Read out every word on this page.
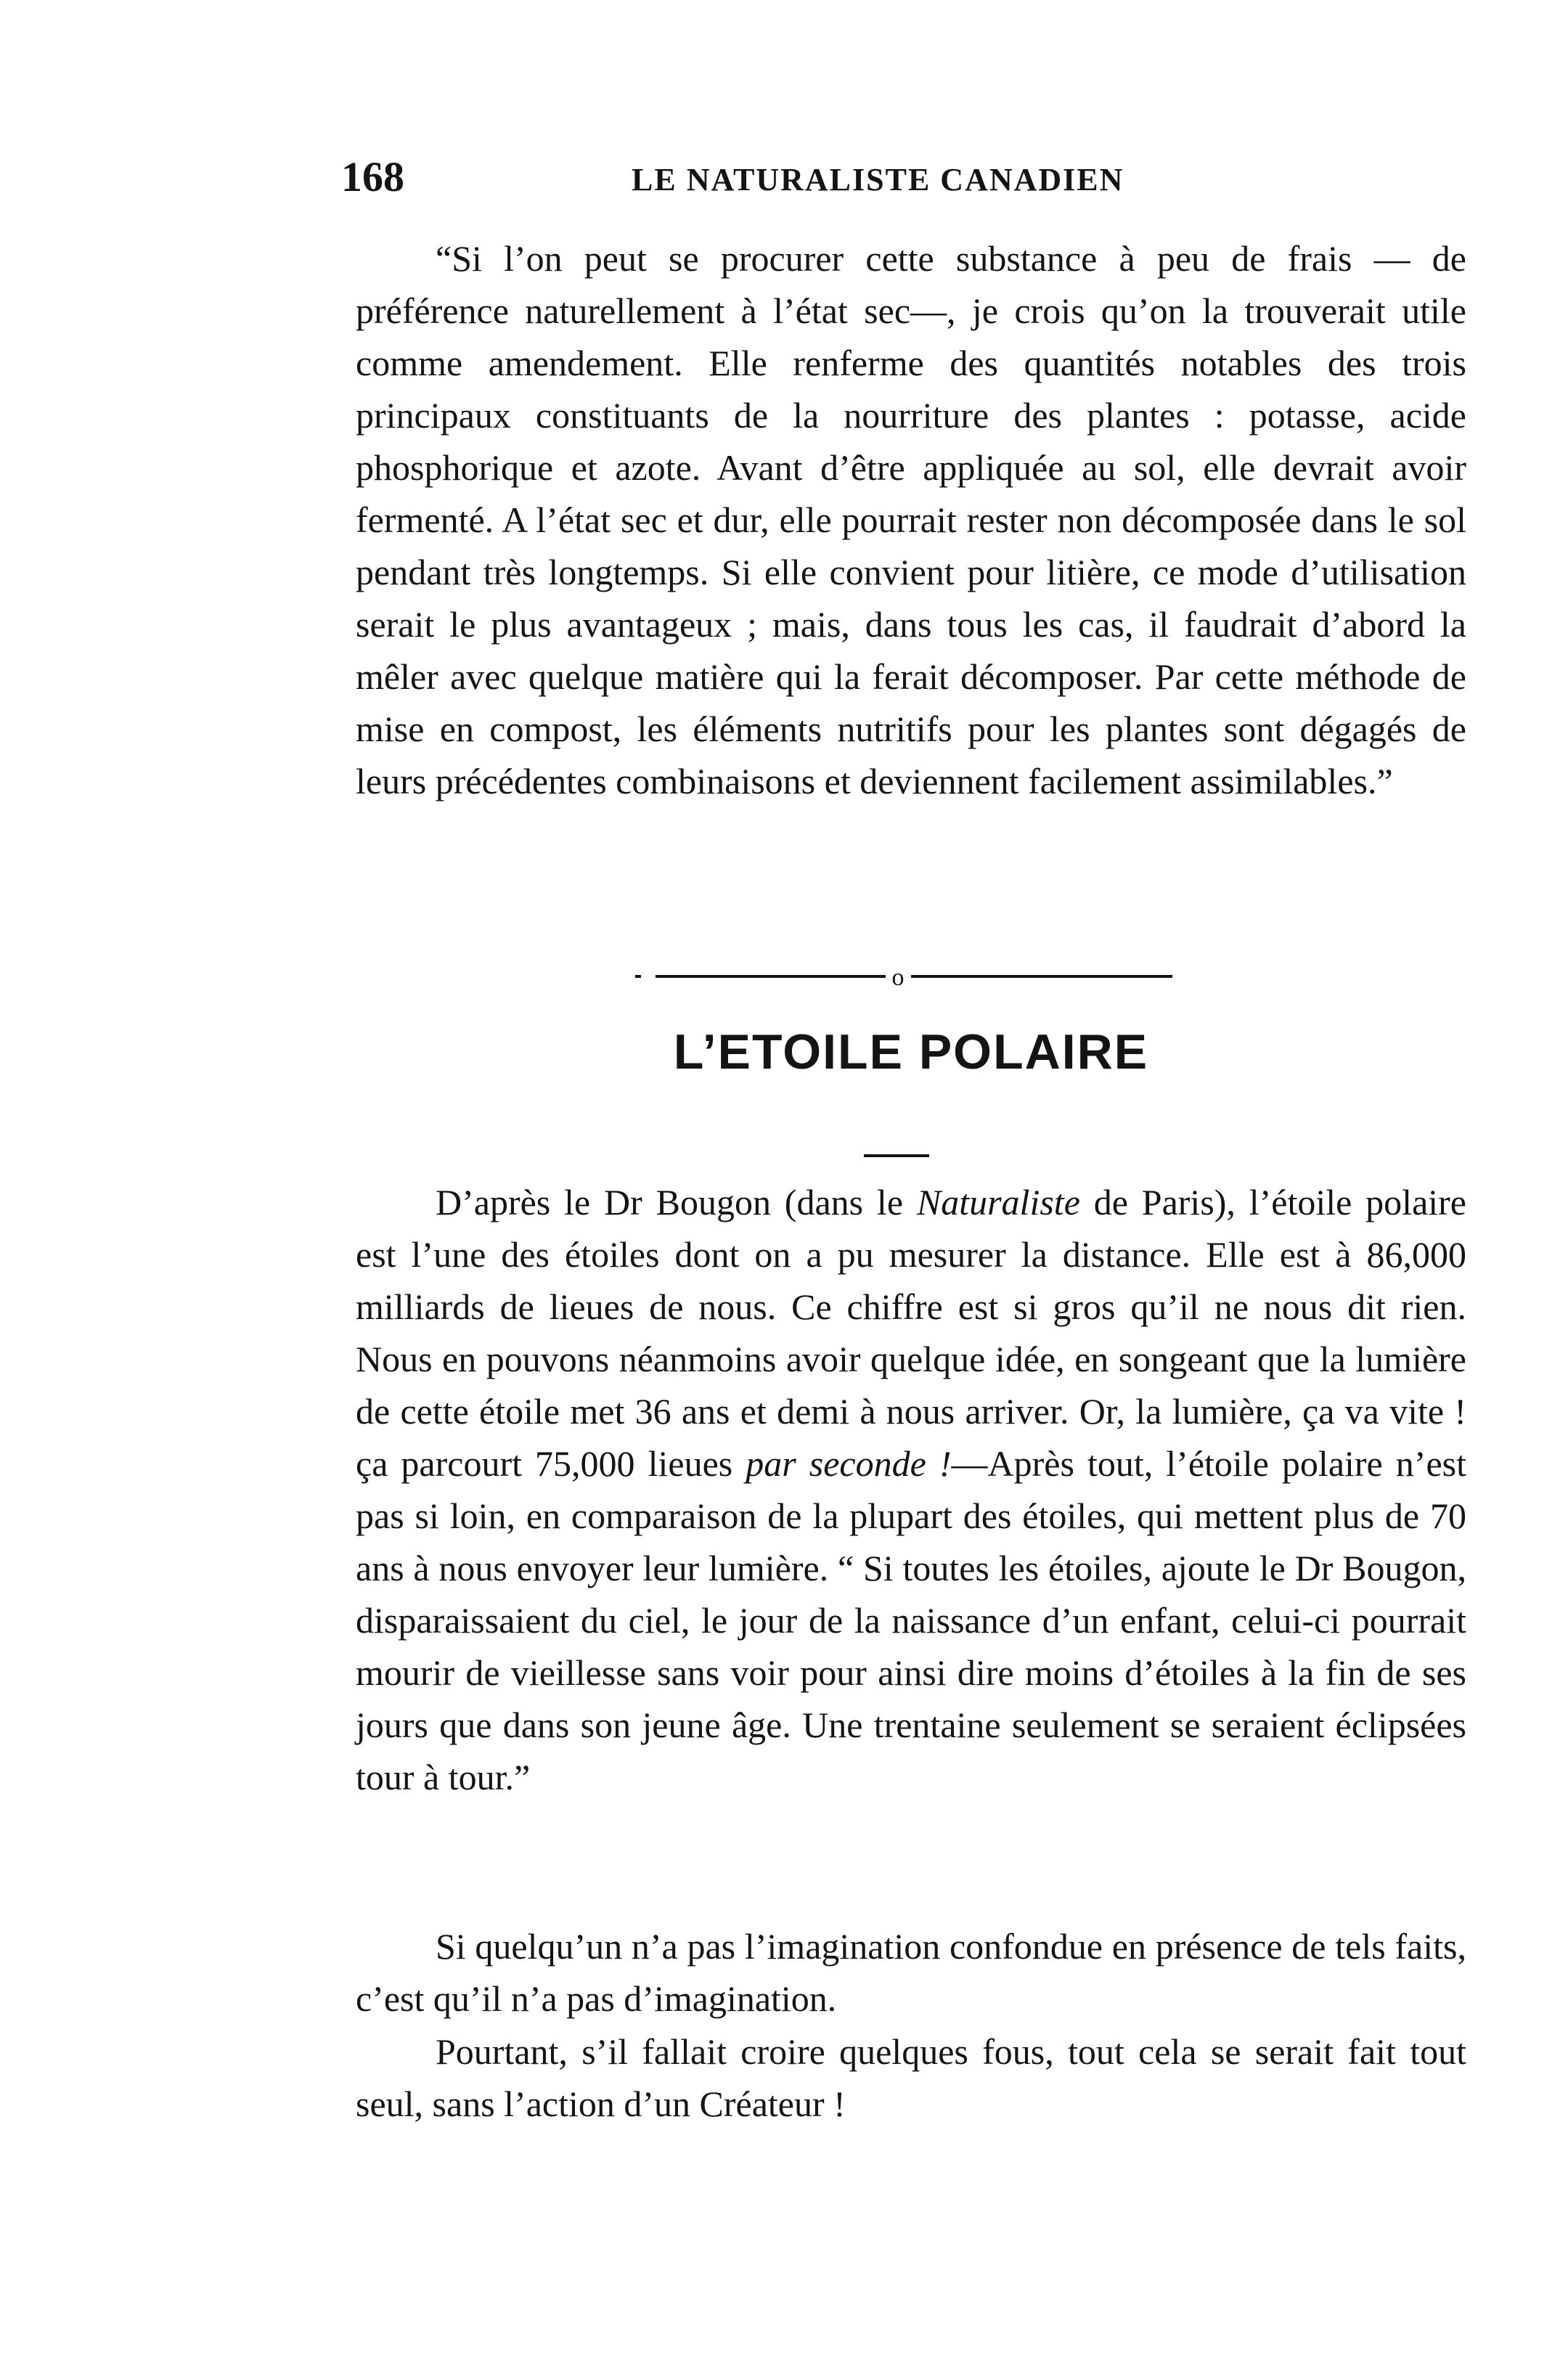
168	LE NATURALISTE CANADIEN

“Si l’on peut se procurer cette substance à peu de frais — de préférence naturellement à l’état sec—, je crois qu’on la trouverait utile comme amendement. Elle renferme des quantités notables des trois principaux constituants de la nourriture des plantes : potasse, acide phosphorique et azote. Avant d’être appliquée au sol, elle devrait avoir fermenté. A l’état sec et dur, elle pourrait rester non décomposée dans le sol pendant très longtemps. Si elle convient pour litière, ce mode d’utilisation serait le plus avantageux ; mais, dans tous les cas, il faudrait d’abord la mêler avec quelque matière qui la ferait décomposer. Par cette méthode de mise en compost, les éléments nutritifs pour les plantes sont dégagés de leurs précédentes combinaisons et deviennent facilement assimilables.”

o
L’ETOILE POLAIRE

D’après le Dr Bougon (dans le Naturaliste de Paris), l’étoile polaire est l’une des étoiles dont on a pu mesurer la distance. Elle est à 86,000 milliards de lieues de nous. Ce chiffre est si gros qu’il ne nous dit rien. Nous en pouvons néanmoins avoir quelque idée, en songeant que la lumière de cette étoile met 36 ans et demi à nous arriver. Or, la lumière, ça va vite ! ça parcourt 75,000 lieues par seconde !—Après tout, l’étoile polaire n’est pas si loin, en comparaison de la plupart des étoiles, qui mettent plus de 70 ans à nous envoyer leur lumière. “ Si toutes les étoiles, ajoute le Dr Bougon, disparaissaient du ciel, le jour de la naissance d’un enfant, celui-ci pourrait mourir de vieillesse sans voir pour ainsi dire moins d’étoiles à la fin de ses jours que dans son jeune âge. Une trentaine seulement se seraient éclipsées tour à tour.”

Si quelqu’un n’a pas l’imagination confondue en présence de tels faits, c’est qu’il n’a pas d’imagination.

Pourtant, s’il fallait croire quelques fous, tout cela se serait fait tout seul, sans l’action d’un Créateur !
